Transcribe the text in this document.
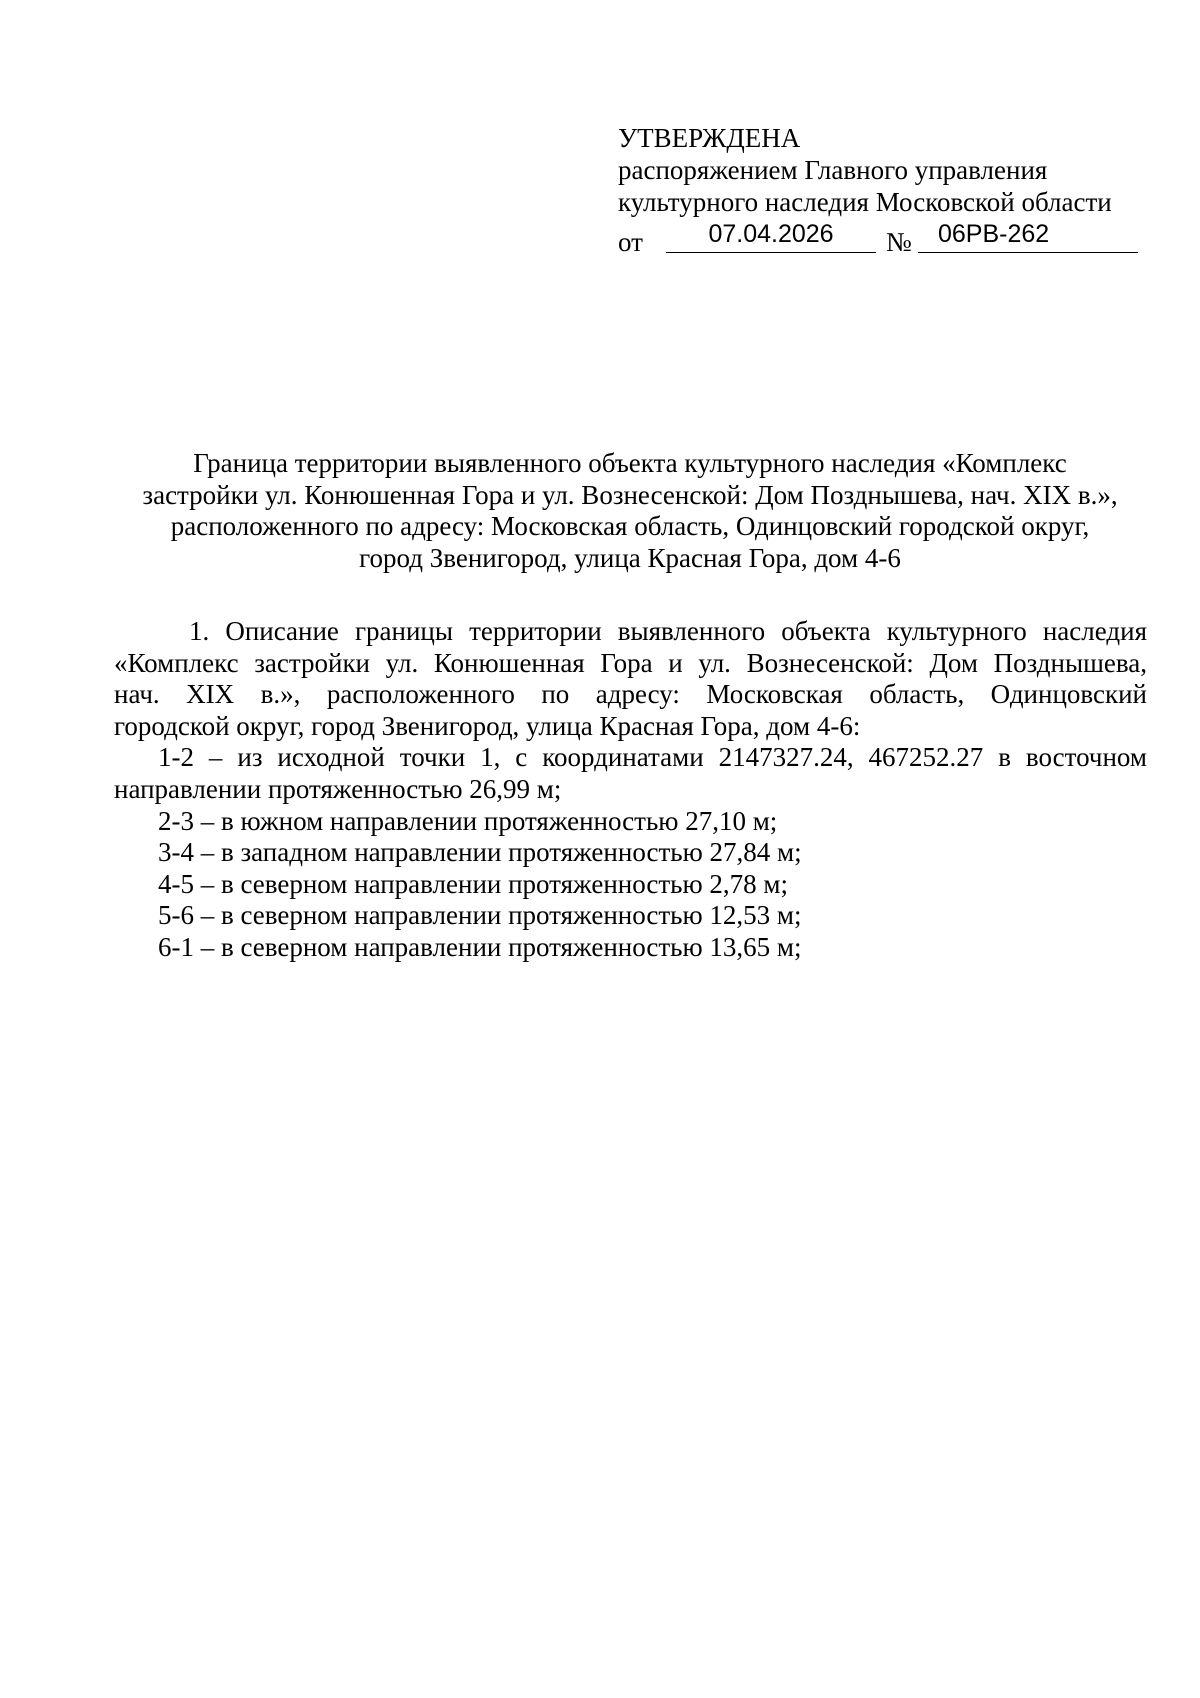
УТВЕРЖДЕНА
распоряжением Главного управления
культурного наследия Московской области
от	07.04.2026	№	06РВ-262
Граница территории выявленного объекта культурного наследия «Комплекс
застройки ул. Конюшенная Гора и ул. Вознесенской: Дом Позднышева, нач. XIX в.»,
расположенного по адресу: Московская область, Одинцовский городской округ,
город Звенигород, улица Красная Гора, дом 4-6
1. Описание границы территории выявленного объекта культурного наследия
«Комплекс застройки ул. Конюшенная Гора и ул. Вознесенской: Дом Позднышева,
нач. XIX в.», расположенного по адресу: Московская область, Одинцовский
городской округ, город Звенигород, улица Красная Гора, дом 4-6:
1-2 – из исходной точки 1, с координатами 2147327.24, 467252.27 в восточном
направлении протяженностью 26,99 м;
2-3 – в южном направлении протяженностью 27,10 м;
3-4 – в западном направлении протяженностью 27,84 м;
4-5 – в северном направлении протяженностью 2,78 м;
5-6 – в северном направлении протяженностью 12,53 м;
6-1 – в северном направлении протяженностью 13,65 м;
